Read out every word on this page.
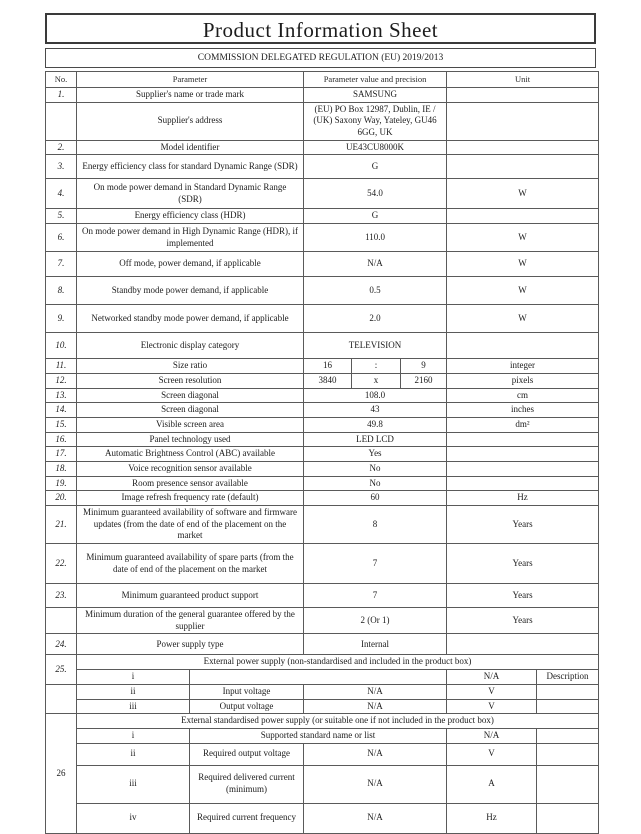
Product Information Sheet
COMMISSION DELEGATED REGULATION (EU) 2019/2013
No.	Parameter		Parameter value and precision			Unit	
1.	Supplier's name or trade mark		SAMSUNG				
	Supplier's address		(EU) PO Box 12987, Dublin, IE / (UK) Saxony Way, Yateley, GU46 6GG, UK				
2.	Model identifier		UE43CU8000K				
3.	Energy efficiency class for standard Dynamic Range (SDR)		G				
4.	On mode power demand in Standard Dynamic Range (SDR)		54.0			W	
5.	Energy efficiency class (HDR)		G				
6.	On mode power demand in High Dynamic Range (HDR), if implemented		110.0			W	
7.	Off mode, power demand, if applicable		N/A			W	
8.	Standby mode power demand, if applicable		0.5			W	
9.	Networked standby mode power demand, if applicable		2.0			W	
10.	Electronic display category		TELEVISION				
11.	Size ratio		16	:	9	integer	
12.	Screen resolution		3840	x	2160	pixels	
13.	Screen diagonal		108.0			cm	
14.	Screen diagonal		43			inches	
15.	Visible screen area		49.8			dm²	
16.	Panel technology used		LED LCD				
17.	Automatic Brightness Control (ABC) available		Yes				
18.	Voice recognition sensor available		No				
19.	Room presence sensor available		No				
20.	Image refresh frequency rate (default)		60			Hz	
21.	Minimum guaranteed availability of software and firmware updates (from the date of end of the placement on the market		8			Years	
22.	Minimum guaranteed availability of spare parts (from the date of end of the placement on the market		7			Years	
23.	Minimum guaranteed product support		7			Years	
	Minimum duration of the general guarantee offered by the supplier		2 (Or 1)			Years	
24.	Power supply type		Internal				
25.	External power supply (non-standardised and included in the product box)						
	i					N/A	Description
	ii	Input voltage	N/A			V	
	iii	Output voltage	N/A			V	
26	External standardised power supply (or suitable one if not included in the product box)						
	i	Supported standard name or list				N/A	
	ii	Required output voltage	N/A			V	
	iii	Required delivered current (minimum)	N/A			A	
	iv	Required current frequency	N/A			Hz	
